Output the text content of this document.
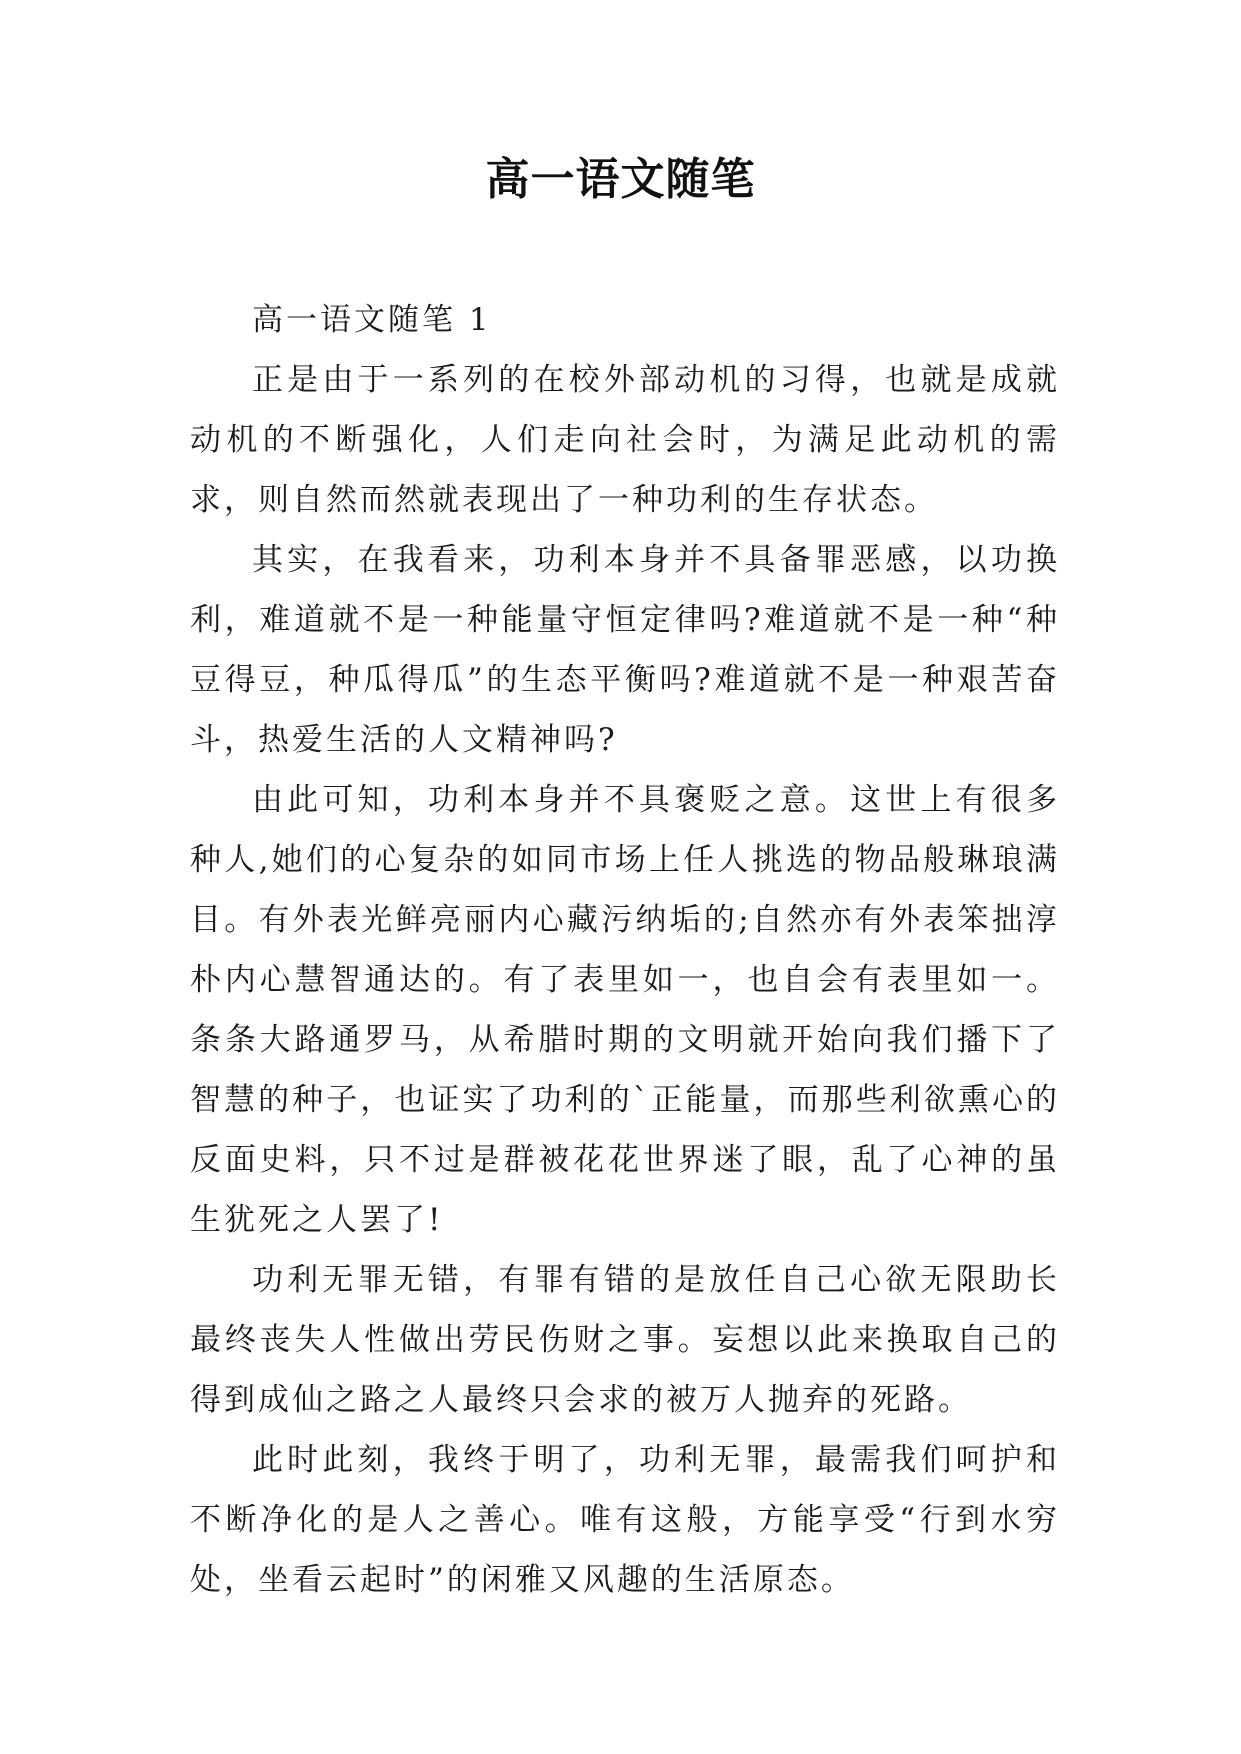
高一语文随笔

高一语文随笔 1

正是由于一系列的在校外部动机的习得，也就是成就动机的不断强化，人们走向社会时，为满足此动机的需求，则自然而然就表现出了一种功利的生存状态。

其实，在我看来，功利本身并不具备罪恶感，以功换利，难道就不是一种能量守恒定律吗?难道就不是一种“种豆得豆，种瓜得瓜”的生态平衡吗?难道就不是一种艰苦奋斗，热爱生活的人文精神吗?

由此可知，功利本身并不具褒贬之意。这世上有很多种人,她们的心复杂的如同市场上任人挑选的物品般琳琅满目。有外表光鲜亮丽内心藏污纳垢的;自然亦有外表笨拙淳朴内心慧智通达的。有了表里如一，也自会有表里如一。条条大路通罗马，从希腊时期的文明就开始向我们播下了智慧的种子，也证实了功利的`正能量，而那些利欲熏心的反面史料，只不过是群被花花世界迷了眼，乱了心神的虽生犹死之人罢了!

功利无罪无错，有罪有错的是放任自己心欲无限助长最终丧失人性做出劳民伤财之事。妄想以此来换取自己的得到成仙之路之人最终只会求的被万人抛弃的死路。

此时此刻，我终于明了，功利无罪，最需我们呵护和不断净化的是人之善心。唯有这般，方能享受“行到水穷处，坐看云起时”的闲雅又风趣的生活原态。
